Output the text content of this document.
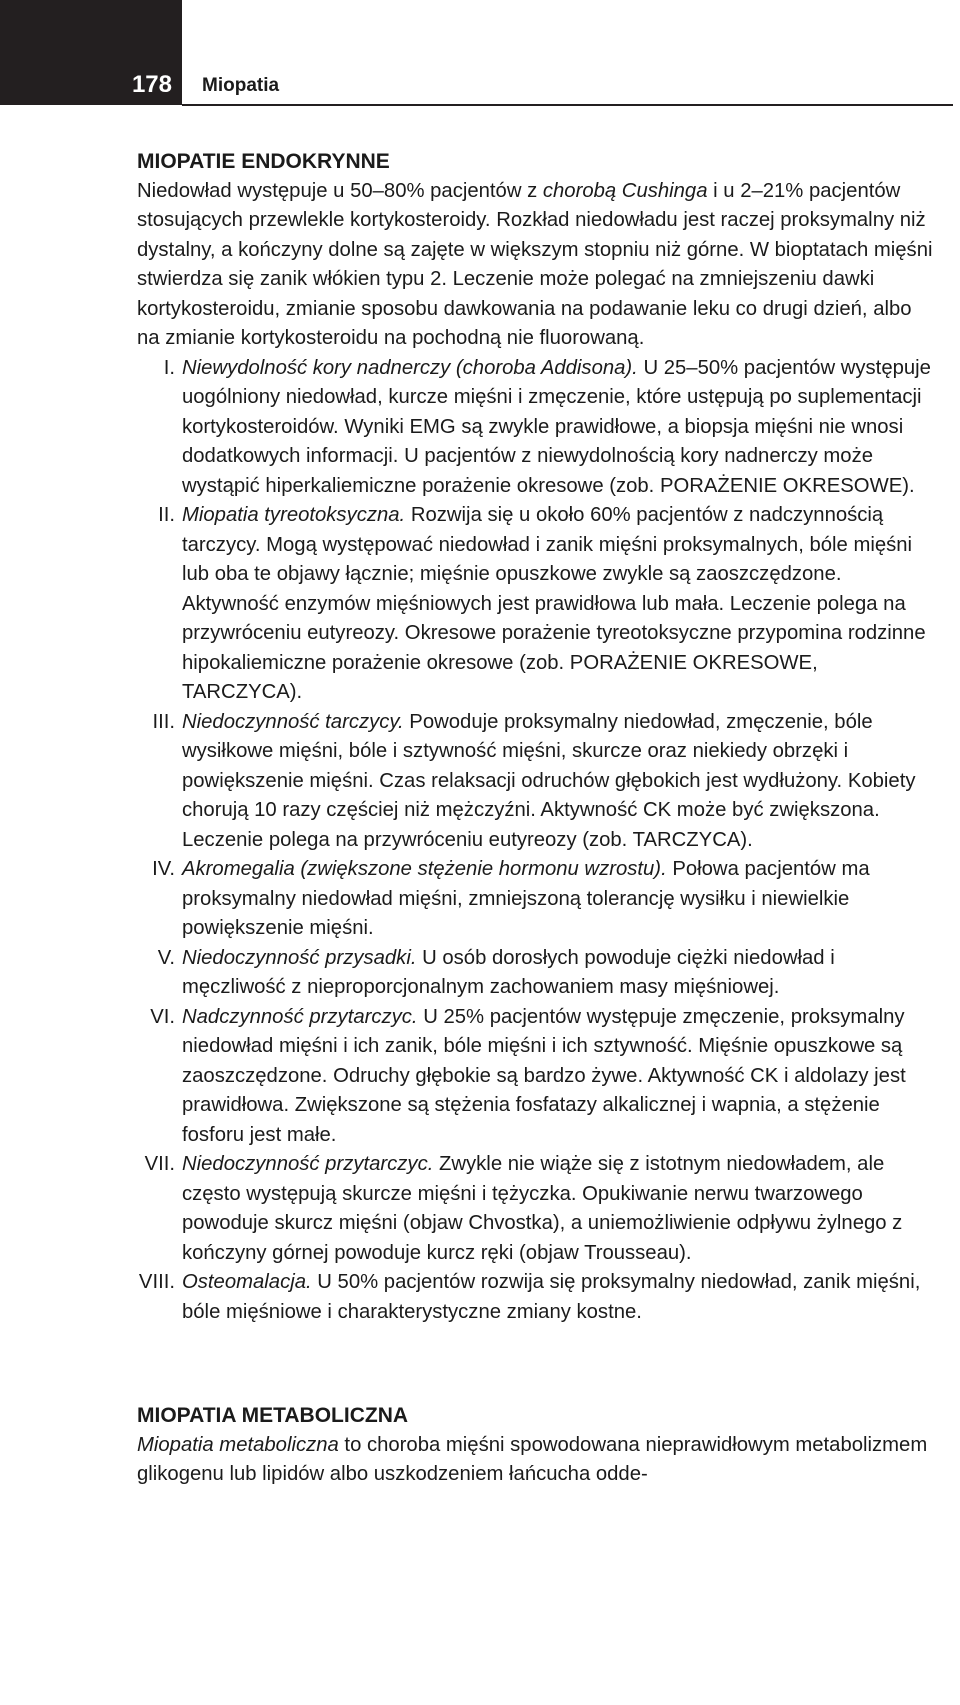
178 Miopatia
MIOPATIE ENDOKRYNNE

Niedowład występuje u 50–80% pacjentów z chorobą Cushinga i u 2–21% pacjentów stosujących przewlekle kortykosteroidy. Rozkład niedowładu jest raczej proksymalny niż dystalny, a kończyny dolne są zajęte w większym stopniu niż górne. W bioptatach mięśni stwierdza się zanik włókien typu 2. Leczenie może polegać na zmniejszeniu dawki kortykosteroidu, zmianie sposobu dawkowania na podawanie leku co drugi dzień, albo na zmianie kortykosteroidu na pochodną nie fluorowaną.

I. Niewydolność kory nadnerczy (choroba Addisona). U 25–50% pacjentów występuje uogólniony niedowład, kurcze mięśni i zmęczenie, które ustępują po suplementacji kortykosteroidów. Wyniki EMG są zwykle prawidłowe, a biopsja mięśni nie wnosi dodatkowych informacji. U pacjentów z niewydolnością kory nadnerczy może wystąpić hiperkaliemiczne porażenie okresowe (zob. PORAŻENIE OKRESOWE).
II. Miopatia tyreotoksyczna. Rozwija się u około 60% pacjentów z nadczynnością tarczycy. Mogą występować niedowład i zanik mięśni proksymalnych, bóle mięśni lub oba te objawy łącznie; mięśnie opuszkowe zwykle są zaoszczędzone. Aktywność enzymów mięśniowych jest prawidłowa lub mała. Leczenie polega na przywróceniu eutyreozy. Okresowe porażenie tyreotoksyczne przypomina rodzinne hipokaliemiczne porażenie okresowe (zob. PORAŻENIE OKRESOWE, TARCZYCA).
III. Niedoczynność tarczycy. Powoduje proksymalny niedowład, zmęczenie, bóle wysiłkowe mięśni, bóle i sztywność mięśni, skurcze oraz niekiedy obrzęki i powiększenie mięśni. Czas relaksacji odruchów głębokich jest wydłużony. Kobiety chorują 10 razy częściej niż mężczyźni. Aktywność CK może być zwiększona. Leczenie polega na przywróceniu eutyreozy (zob. TARCZYCA).
IV. Akromegalia (zwiększone stężenie hormonu wzrostu). Połowa pacjentów ma proksymalny niedowład mięśni, zmniejszoną tolerancję wysiłku i niewielkie powiększenie mięśni.
V. Niedoczynność przysadki. U osób dorosłych powoduje ciężki niedowład i męczliwość z nieproporcjonalnym zachowaniem masy mięśniowej.
VI. Nadczynność przytarczyc. U 25% pacjentów występuje zmęczenie, proksymalny niedowład mięśni i ich zanik, bóle mięśni i ich sztywność. Mięśnie opuszkowe są zaoszczędzone. Odruchy głębokie są bardzo żywe. Aktywność CK i aldolazy jest prawidłowa. Zwiększone są stężenia fosfatazy alkalicznej i wapnia, a stężenie fosforu jest małe.
VII. Niedoczynność przytarczyc. Zwykle nie wiąże się z istotnym niedowładem, ale często występują skurcze mięśni i tężyczka. Opukiwanie nerwu twarzowego powoduje skurcz mięśni (objaw Chvostka), a uniemożliwienie odpływu żylnego z kończyny górnej powoduje kurcz ręki (objaw Trousseau).
VIII. Osteomalacja. U 50% pacjentów rozwija się proksymalny niedowład, zanik mięśni, bóle mięśniowe i charakterystyczne zmiany kostne.
MIOPATIA METABOLICZNA

Miopatia metaboliczna to choroba mięśni spowodowana nieprawidłowym metabolizmem glikogenu lub lipidów albo uszkodzeniem łańcucha odde-
